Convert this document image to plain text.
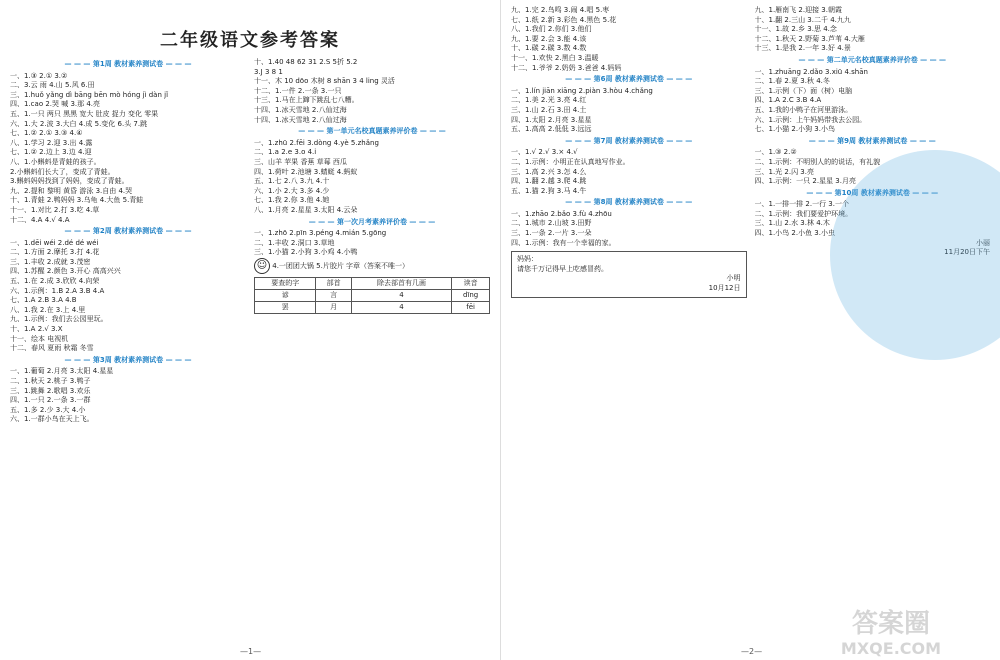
二年级语文参考答案
— — — 第1周 教材素养测试卷 — — —
一、1.③ 2.① 3.②
二、3.云 雨 4.山 5.风 6.田
三、1.huǒ yǎng dì bāng bēn mò hóng jì dàn jǐ
四、1.cao 2.哭 喊 3.那 4.亮
五、1.一只 两只 黑黑 宽大 肚皮 捉力 变化 零果
六、1.大 2.波 3.大白 4.成 5.变化 6.头 7.跳
七、1.② 2.① 3.③ 4.④
八、1.学习 2.迎 3.出 4.露
七、1.② 2.边上 3.边 4.迎
八、1.小蝌蚪是青蛙的孩子。
2.小蝌蚪们长大了，变成了青蛙。
3.蝌蚪妈妈找到了妈妈，变成了青蛙。
九、2.提和 黎明 黄昏 游泳 3.自由 4.哭
十、1.青蛙 2.鸭妈妈 3.乌龟 4.大鱼 5.青蛙
十一、1.对比 2.打 3.吃 4.草
十二、4.A 4.√ 4.A
— — — 第2周 教材素养测试卷 — — —
一、1.dēi wéi 2.dé dé wéi
二、1.方面 2.摩托 3.打 4.花
三、1.丰收 2.成就 3.茂密
四、1.苏醒 2.颜色 3.开心 高高兴兴
五、1.在 2.成 3.欣欣 4.向荣
六、1.示例：1.B 2.A 3.B 4.A
七、1.A 2.B 3.A 4.B
八、1.我 2.在 3.上 4.里
九、1.示例：我们去公园里玩。
十、1.A 2.√ 3.X
十一、绘本 电视机
十二、春风 夏雨 秋霜 冬雪
— — — 第3周 教材素养测试卷 — — —
一、1.葡萄 2.月亮 3.太阳 4.星星
二、1.秋天 2.桃子 3.鸭子
三、1.跳舞 2.歌唱 3.欢乐
四、1.一只 2.一条 3.一群
五、1.多 2.少 3.大 4.小
六、1.一群小鸟在天上飞。
十、1.40 48 62 31 2.S 5折 5.2
3.J 3 8 1
十一、木 10 dōo 木树 8 shān 3 4 ling 灵活
十二、1.一件 2.一条 3.一只
十三、1.马在上蹿下跳乱七八糟。
十四、1.冰天雪地 2.八仙过海
十四、1.冰天雪地 2.八仙过海
— — — 第一单元名校真题素养评价卷 — — —
一、1.zhū 2.fēi 3.dòng 4.yè 5.zhǎng
二、1.a 2.e 3.o 4.i
三、山羊 苹果 香蕉 草莓 西瓜
四、1.荷叶 2.池塘 3.蜻蜓 4.蚂蚁
五、1.七 2.八 3.九 4.十
六、1.小 2.大 3.多 4.少
七、1.我 2.你 3.他 4.她
八、1.月亮 2.星星 3.太阳 4.云朵
— — — 第一次月考素养评价卷 — — —
一、1.zhō 2.pīn 3.péng 4.mián 5.gōng
二、1.丰收 2.洞口 3.草地
三、1.小猫 2.小狗 3.小鸡 4.小鸭
☺ 4.一团团大锅 5.片胶片 字章（答案不唯一）
要查的字	部首	除去部首有几画	读音
谚	言	4	dīng
罢	月	4	fēi
—1—
九、1.完 2.鸟鸣 3.闹 4.唱 5.枣
七、1.纸 2.新 3.彩色 4.黑色 5.花
八、1.我们 2.你们 3.他们
九、1.要 2.会 3.能 4.该
十、1.碳 2.碳 3.数 4.数
十一、1.欢快 2.黑白 3.温暖
十二、1.爷爷 2.奶奶 3.爸爸 4.妈妈
— — — 第6周 教材素养测试卷 — — —
一、1.lín jiān xiāng 2.piàn 3.hòu 4.chǎng
二、1.美 2.光 3.亮 4.红
三、1.山 2.石 3.田 4.土
四、1.太阳 2.月亮 3.星星
五、1.高高 2.低低 3.远远
— — — 第7周 教材素养测试卷 — — —
一、1.√ 2.√ 3.× 4.√
二、1.示例：小明正在认真地写作业。
三、1.高 2.兴 3.怎 4.么
四、1.翻 2.越 3.爬 4.跳
五、1.猫 2.狗 3.马 4.牛
— — — 第8周 教材素养测试卷 — — —
一、1.zhāo 2.bǎo 3.fù 4.zhōu
二、1.城市 2.山坡 3.田野
三、1.一条 2.一片 3.一朵
四、1.示例：我有一个幸福的家。
妈妈：
请您千万记得早上吃感冒药。
小明
10月12日
九、1.雁南飞 2.迎接 3.朝霞
十、1.翻 2.三山 3.二千 4.九九
十一、1.故 2.乡 3.思 4.念
十二、1.秋天 2.野菊 3.芦苇 4.大雁
十三、1.是我 2.一年 3.好 4.景
— — — 第二单元名校真题素养评价卷 — — —
一、1.zhuāng 2.dǎo 3.xiū 4.shān
二、1.春 2.夏 3.秋 4.冬
三、1.示例（下）面（树）电脑
四、1.A 2.C 3.B 4.A
五、1.我的小鸭子在河里游泳。
六、1.示例：上午妈妈带我去公园。
七、1.小猫 2.小狗 3.小鸟
— — — 第9周 教材素养测试卷 — — —
一、1.③ 2.②
二、1.示例：不明别人的的说话，有礼貌
三、1.光 2.闪 3.亮
四、1.示例：一只 2.星星 3.月亮
— — — 第10周 教材素养测试卷 — — —
一、1.一排一排 2.一行 3.一个
二、1.示例：我们要爱护环境。
三、1.山 2.水 3.林 4.木
四、1.小鸟 2.小鱼 3.小虫
小丽
11月20日下午
答案圈
MXQE.COM
—2—
